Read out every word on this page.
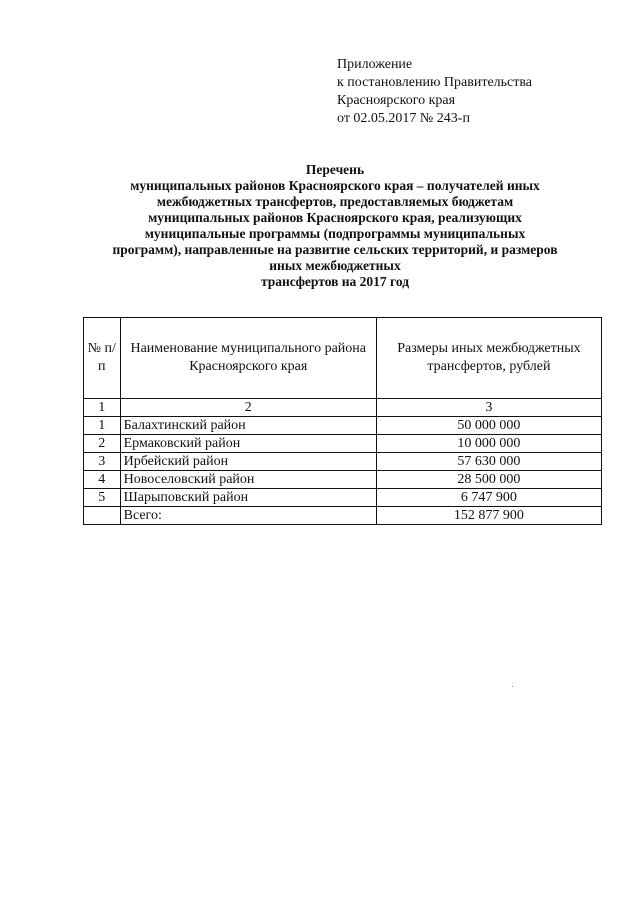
Приложение
к постановлению Правительства
Красноярского края
от 02.05.2017 № 243-п
Перечень
муниципальных районов Красноярского края – получателей иных
межбюджетных трансфертов, предоставляемых бюджетам
муниципальных районов Красноярского края, реализующих
муниципальные программы (подпрограммы муниципальных
программ), направленные на развитие сельских территорий, и размеров
иных межбюджетных
трансфертов на 2017 год
№ п/п	Наименование муниципального района Красноярского края	Размеры иных межбюджетных трансфертов, рублей
1	2	3
1	Балахтинский район	50 000 000
2	Ермаковский район	10 000 000
3	Ирбейский район	57 630 000
4	Новоселовский район	28 500 000
5	Шарыповский район	6 747 900
	Всего:	152 877 900
